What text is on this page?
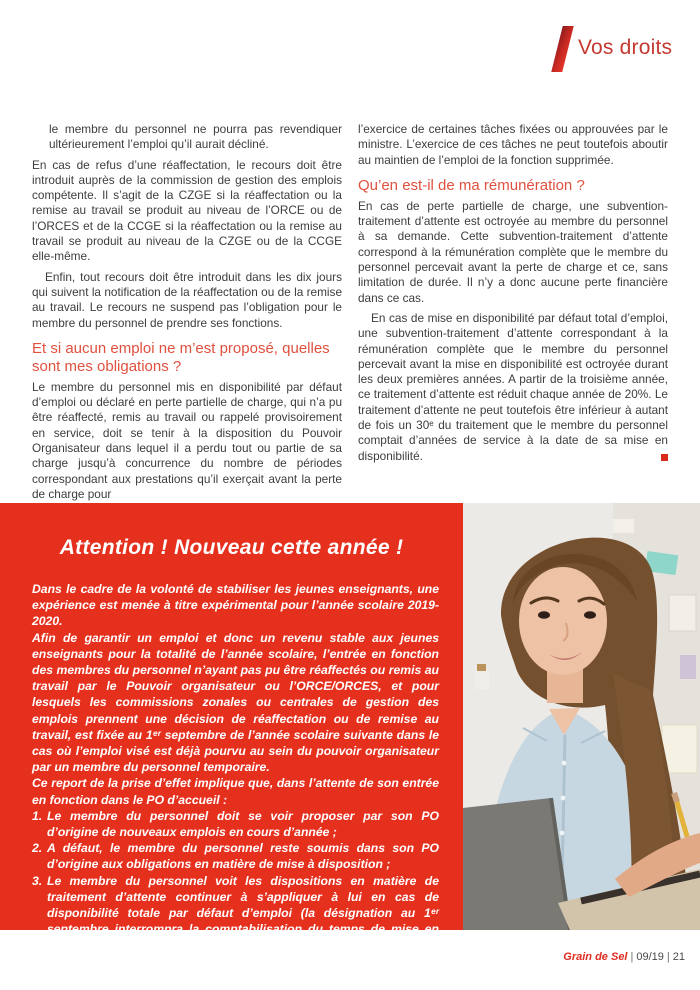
Vos droits

le membre du personnel ne pourra pas revendiquer ultérieurement l’emploi qu’il aurait décliné.

En cas de refus d’une réaffectation, le recours doit être introduit auprès de la commission de gestion des emplois compétente. Il s’agit de la CZGE si la réaffectation ou la remise au travail se produit au niveau de l’ORCE ou de l’ORCES et de la CCGE si la réaffectation ou la remise au travail se produit au niveau de la CZGE ou de la CCGE elle-même.

Enfin, tout recours doit être introduit dans les dix jours qui suivent la notification de la réaffectation ou de la remise au travail. Le recours ne suspend pas l’obligation pour le membre du personnel de prendre ses fonctions.

Et si aucun emploi ne m’est proposé, quelles sont mes obligations ?

Le membre du personnel mis en disponibilité par défaut d’emploi ou déclaré en perte partielle de charge, qui n’a pu être réaffecté, remis au travail ou rappelé provisoirement en service, doit se tenir à la disposition du Pouvoir Organisateur dans lequel il a perdu tout ou partie de sa charge jusqu’à concurrence du nombre de périodes correspondant aux prestations qu’il exerçait avant la perte de charge pour

l’exercice de certaines tâches fixées ou approuvées par le ministre. L’exercice de ces tâches ne peut toutefois aboutir au maintien de l’emploi de la fonction supprimée.

Qu’en est-il de ma rémunération ?

En cas de perte partielle de charge, une subvention-traitement d’attente est octroyée au membre du personnel à sa demande. Cette subvention-traitement d’attente correspond à la rémunération complète que le membre du personnel percevait avant la perte de charge et ce, sans limitation de durée. Il n’y a donc aucune perte financière dans ce cas.

En cas de mise en disponibilité par défaut total d’emploi, une subvention-traitement d’attente correspondant à la rémunération complète que le membre du personnel percevait avant la mise en disponibilité est octroyée durant les deux premières années. A partir de la troisième année, ce traitement d’attente est réduit chaque année de 20%. Le traitement d’attente ne peut toutefois être inférieur à autant de fois un 30ᵉ du traitement que le membre du personnel comptait d’années de service à la date de sa mise en disponibilité.

Attention ! Nouveau cette année !

Dans le cadre de la volonté de stabiliser les jeunes enseignants, une expérience est menée à titre expérimental pour l’année scolaire 2019-2020.

Afin de garantir un emploi et donc un revenu stable aux jeunes enseignants pour la totalité de l’année scolaire, l’entrée en fonction des membres du personnel n’ayant pas pu être réaffectés ou remis au travail par le Pouvoir organisateur ou l’ORCE/ORCES, et pour lesquels les commissions zonales ou centrales de gestion des emplois prennent une décision de réaffectation ou de remise au travail, est fixée au 1ᵉʳ septembre de l’année scolaire suivante dans le cas où l’emploi visé est déjà pourvu au sein du pouvoir organisateur par un membre du personnel temporaire.

Ce report de la prise d’effet implique que, dans l’attente de son entrée en fonction dans le PO d’accueil :

1. Le membre du personnel doit se voir proposer par son PO d’origine de nouveaux emplois en cours d’année ;
2. A défaut, le membre du personnel reste soumis dans son PO d’origine aux obligations en matière de mise à disposition ;
3. Le membre du personnel voit les dispositions en matière de traitement d’attente continuer à s’appliquer à lui en cas de disponibilité totale par défaut d’emploi (la désignation au 1ᵉʳ septembre interrompra la comptabilisation du temps de mise en disponibilité au moment de la prise d’effet, le 1ᵉʳ septembre).
Grain de Sel | 09/19 | 21
